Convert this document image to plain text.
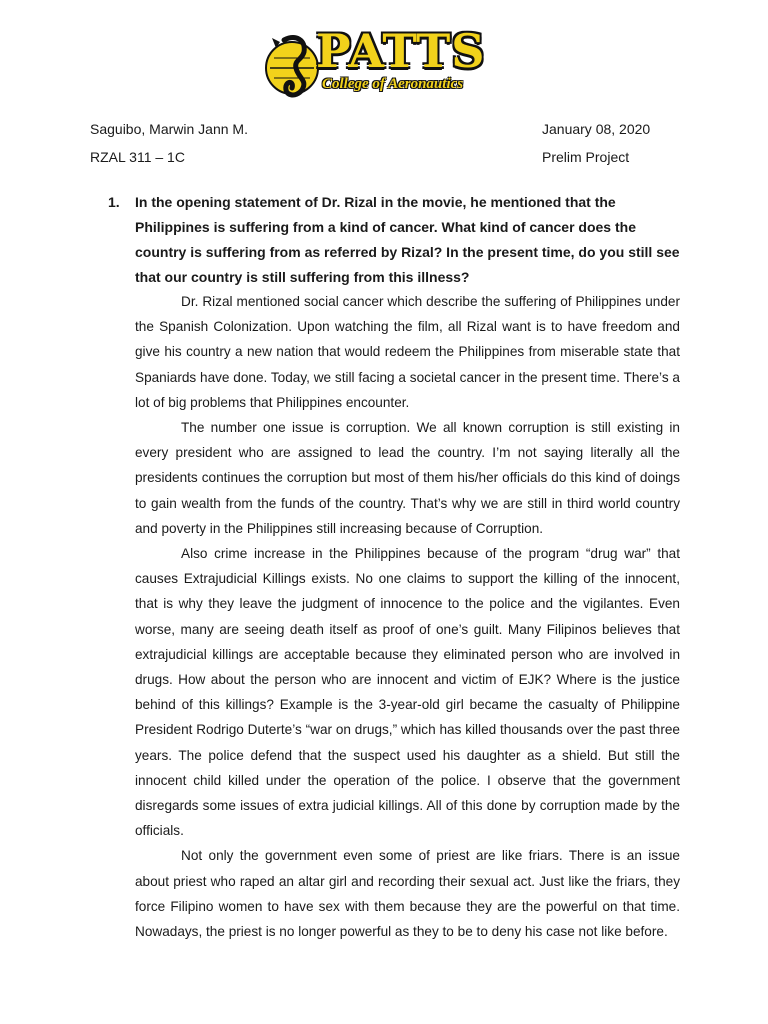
PATTS
College of Aeronautics
Saguibo, Marwin Jann M.
RZAL 311 – 1C
January 08, 2020
Prelim Project
1. In the opening statement of Dr. Rizal in the movie, he mentioned that the Philippines is suffering from a kind of cancer. What kind of cancer does the country is suffering from as referred by Rizal? In the present time, do you still see that our country is still suffering from this illness?

Dr. Rizal mentioned social cancer which describe the suffering of Philippines under the Spanish Colonization. Upon watching the film, all Rizal want is to have freedom and give his country a new nation that would redeem the Philippines from miserable state that Spaniards have done. Today, we still facing a societal cancer in the present time. There’s a lot of big problems that Philippines encounter.

The number one issue is corruption. We all known corruption is still existing in every president who are assigned to lead the country. I’m not saying literally all the presidents continues the corruption but most of them his/her officials do this kind of doings to gain wealth from the funds of the country. That’s why we are still in third world country and poverty in the Philippines still increasing because of Corruption.

Also crime increase in the Philippines because of the program “drug war” that causes Extrajudicial Killings exists. No one claims to support the killing of the innocent, that is why they leave the judgment of innocence to the police and the vigilantes. Even worse, many are seeing death itself as proof of one’s guilt. Many Filipinos believes that extrajudicial killings are acceptable because they eliminated person who are involved in drugs. How about the person who are innocent and victim of EJK? Where is the justice behind of this killings? Example is the 3-year-old girl became the casualty of Philippine President Rodrigo Duterte’s “war on drugs,” which has killed thousands over the past three years. The police defend that the suspect used his daughter as a shield. But still the innocent child killed under the operation of the police. I observe that the government disregards some issues of extra judicial killings. All of this done by corruption made by the officials.

Not only the government even some of priest are like friars. There is an issue about priest who raped an altar girl and recording their sexual act. Just like the friars, they force Filipino women to have sex with them because they are the powerful on that time. Nowadays, the priest is no longer powerful as they to be to deny his case not like before.
